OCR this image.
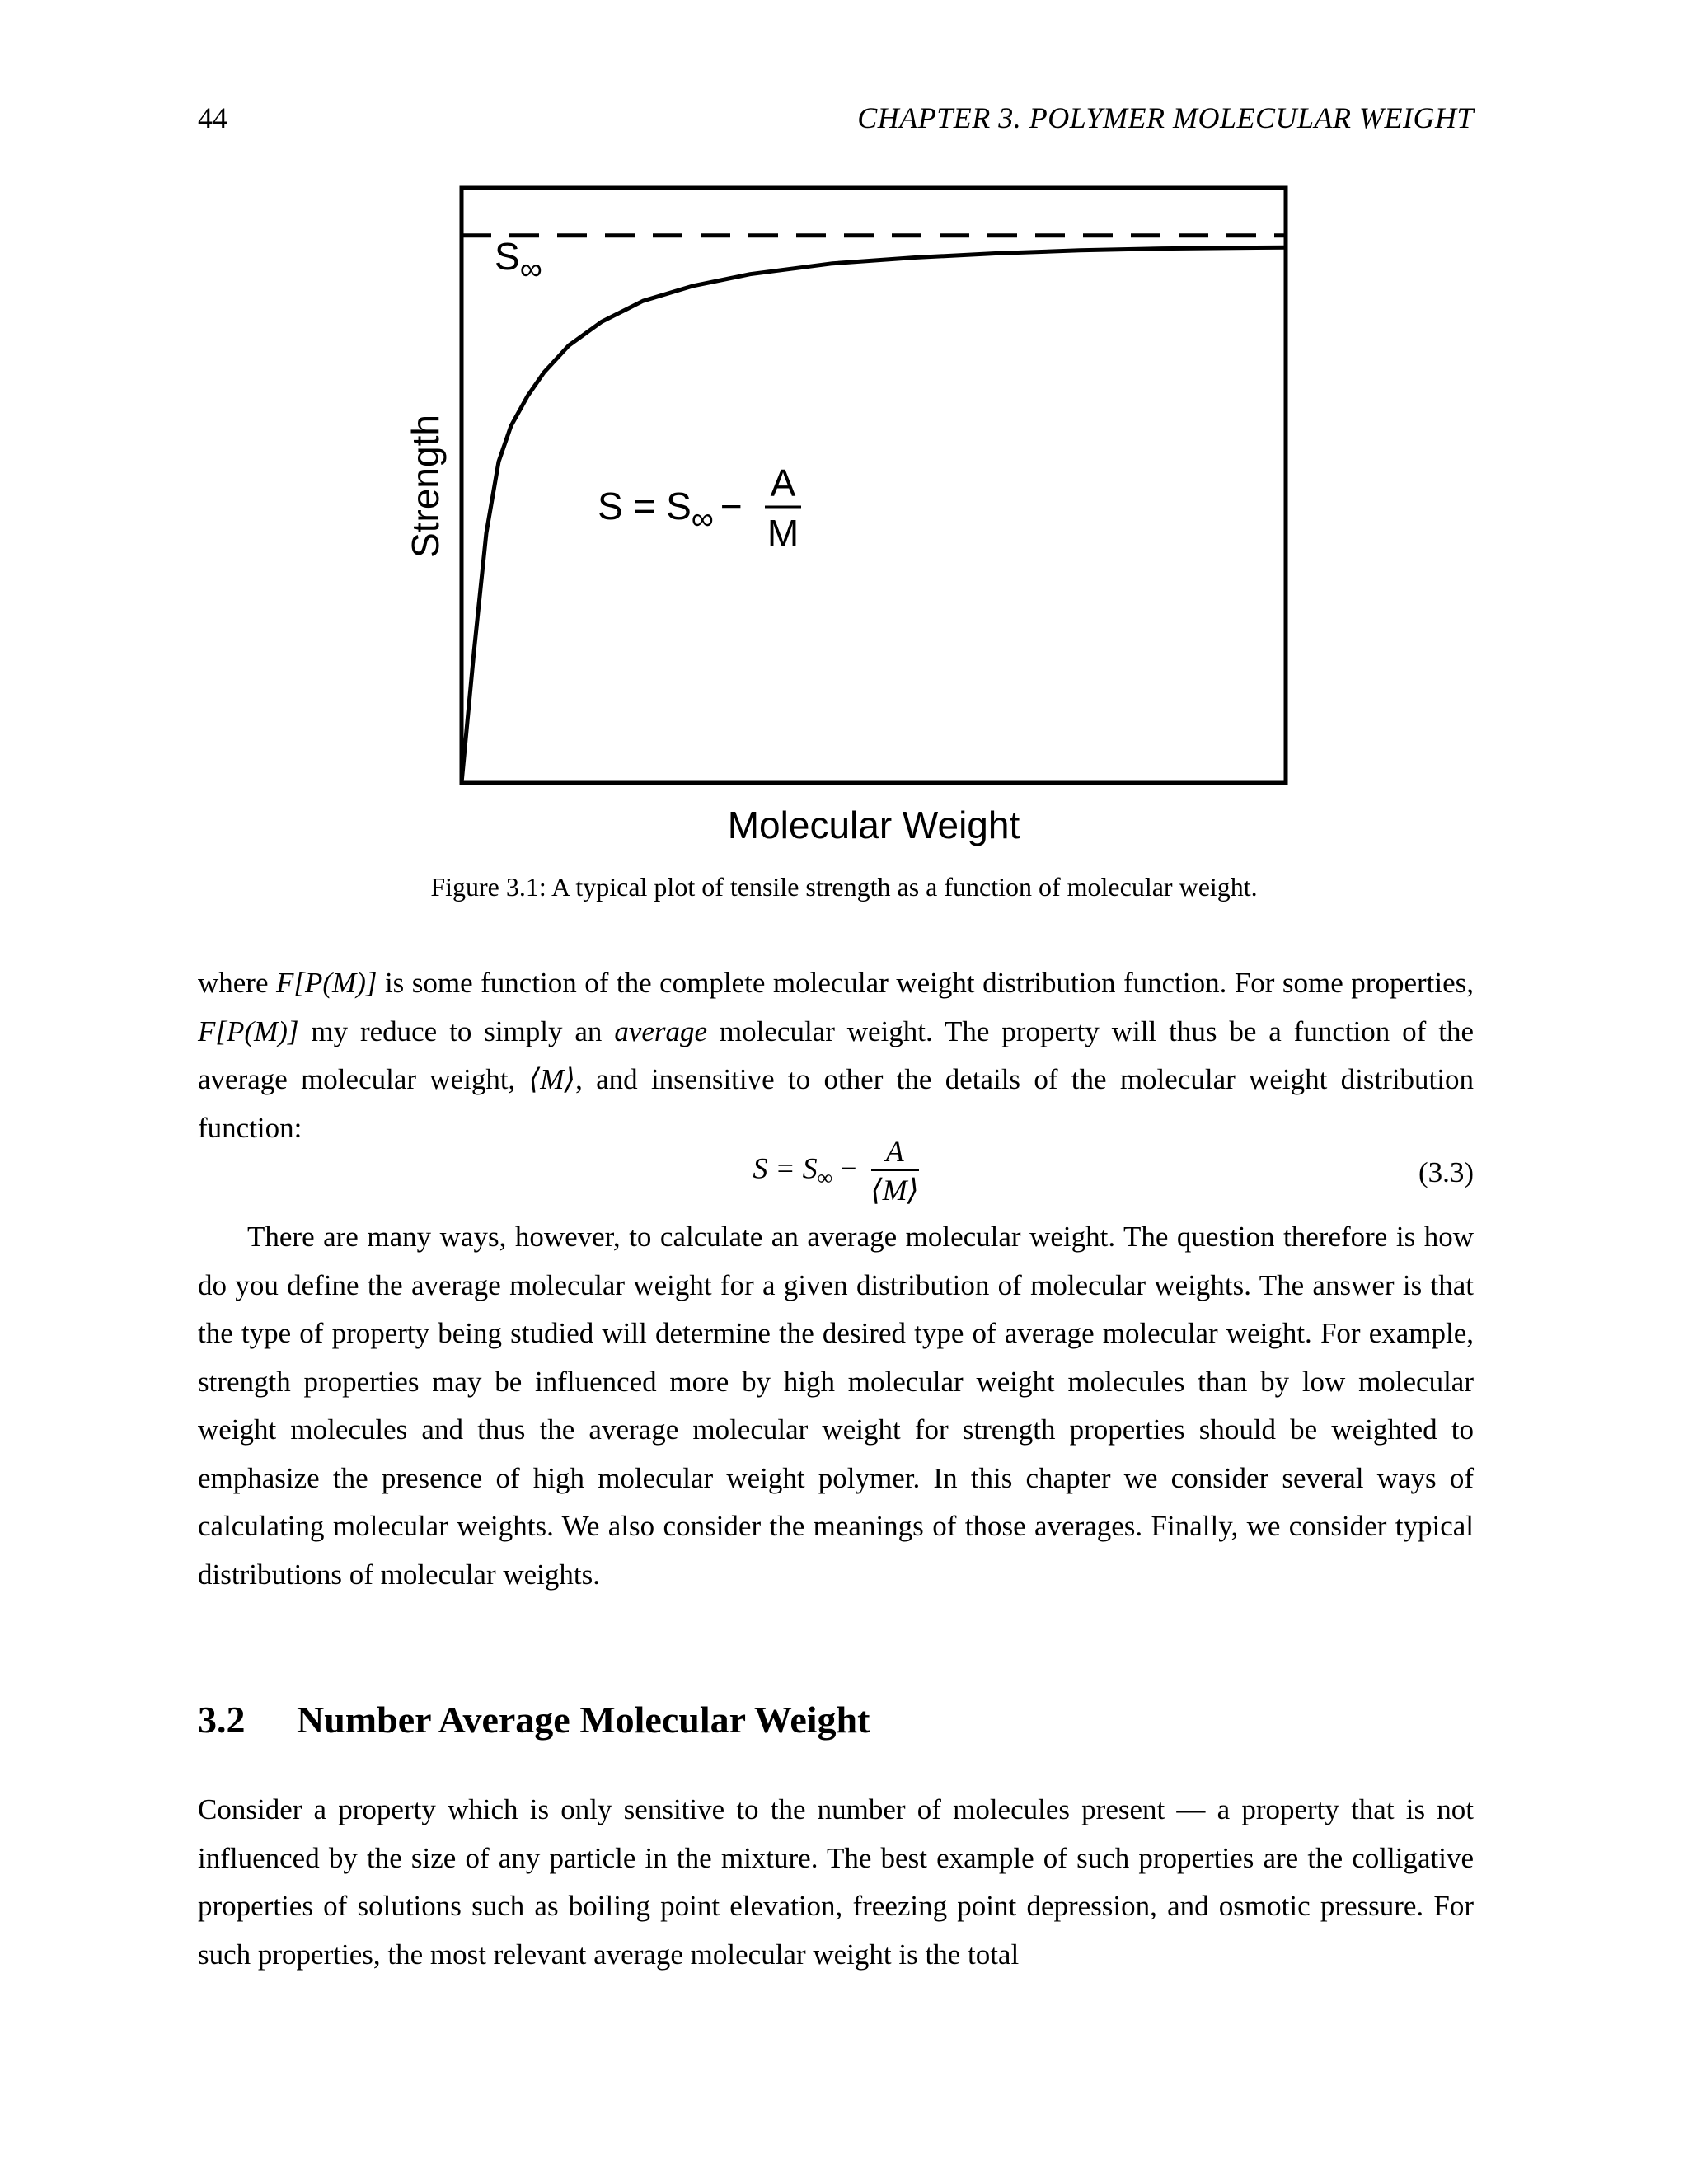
44	CHAPTER 3. POLYMER MOLECULAR WEIGHT
$S_\infty$
$S = S_\infty$ −
A
M
Strength
Molecular Weight
Figure 3.1: A typical plot of tensile strength as a function of molecular weight.

where F[P(M)] is some function of the complete molecular weight distribution function. For some properties, F[P(M)] my reduce to simply an average molecular weight. The property will thus be a function of the average molecular weight, ⟨M⟩, and insensitive to other the details of the molecular weight distribution function:

$S = S_\infty - \frac{A}{⟨M⟩}$	(3.3)

There are many ways, however, to calculate an average molecular weight. The question therefore is how do you define the average molecular weight for a given distribution of molecular weights. The answer is that the type of property being studied will determine the desired type of average molecular weight. For example, strength properties may be influenced more by high molecular weight molecules than by low molecular weight molecules and thus the average molecular weight for strength properties should be weighted to emphasize the presence of high molecular weight polymer. In this chapter we consider several ways of calculating molecular weights. We also consider the meanings of those averages. Finally, we consider typical distributions of molecular weights.

3.2 Number Average Molecular Weight

Consider a property which is only sensitive to the number of molecules present — a property that is not influenced by the size of any particle in the mixture. The best example of such properties are the colligative properties of solutions such as boiling point elevation, freezing point depression, and osmotic pressure. For such properties, the most relevant average molecular weight is the total
